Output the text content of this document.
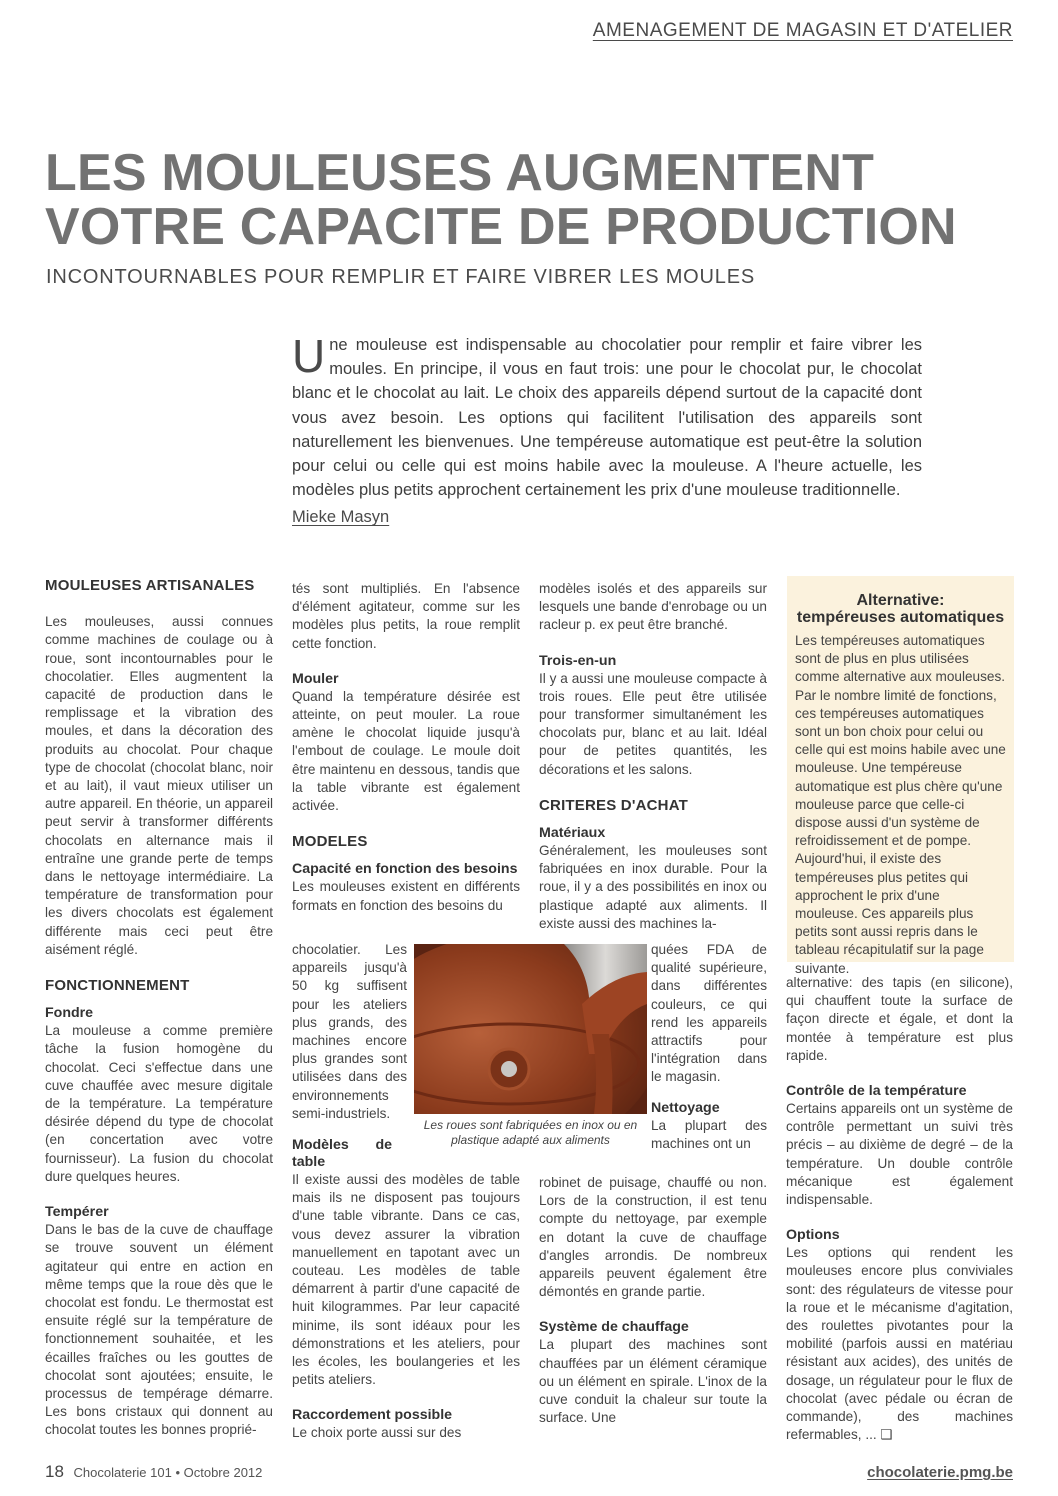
AMENAGEMENT DE MAGASIN ET D'ATELIER
LES MOULEUSES AUGMENTENT
VOTRE CAPACITE DE PRODUCTION
INCONTOURNABLES POUR REMPLIR ET FAIRE VIBRER LES MOULES
U ne mouleuse est indispensable au chocolatier pour remplir et faire vibrer les moules. En principe, il vous en faut trois: une pour le chocolat pur, le chocolat blanc et le chocolat au lait. Le choix des appareils dépend surtout de la capacité dont vous avez besoin. Les options qui facilitent l'utilisation des appareils sont naturellement les bienvenues. Une tempéreuse automatique est peut-être la solution pour celui ou celle qui est moins habile avec la mouleuse. A l'heure actuelle, les modèles plus petits approchent certainement les prix d'une mouleuse traditionnelle.
Mieke Masyn
MOULEUSES ARTISANALES

Les mouleuses, aussi connues comme machines de coulage ou à roue, sont incontournables pour le chocolatier. Elles augmentent la capacité de production dans le remplissage et la vibration des moules, et dans la décoration des produits au chocolat. Pour chaque type de chocolat (chocolat blanc, noir et au lait), il vaut mieux utiliser un autre appareil. En théorie, un appareil peut servir à transformer différents chocolats en alternance mais il entraîne une grande perte de temps dans le nettoyage intermédiaire. La température de transformation pour les divers chocolats est également différente mais ceci peut être aisément réglé.

FONCTIONNEMENT
Fondre

La mouleuse a comme première tâche la fusion homogène du chocolat. Ceci s'effectue dans une cuve chauffée avec mesure digitale de la température. La température désirée dépend du type de chocolat (en concertation avec votre fournisseur). La fusion du chocolat dure quelques heures.

Tempérer

Dans le bas de la cuve de chauffage se trouve souvent un élément agitateur qui entre en action en même temps que la roue dès que le chocolat est fondu. Le thermostat est ensuite réglé sur la température de fonctionnement souhaitée, et les écailles fraîches ou les gouttes de chocolat sont ajoutées; ensuite, le processus de tempérage démarre. Les bons cristaux qui donnent au chocolat toutes les bonnes proprié-

tés sont multipliés. En l'absence d'élément agitateur, comme sur les modèles plus petits, la roue remplit cette fonction.

Mouler

Quand la température désirée est atteinte, on peut mouler. La roue amène le chocolat liquide jusqu'à l'embout de coulage. Le moule doit être maintenu en dessous, tandis que la table vibrante est également activée.

MODELES
Capacité en fonction des besoins

Les mouleuses existent en différents formats en fonction des besoins du

chocolatier. Les appareils jusqu'à 50 kg suffisent pour les ateliers plus grands, des machines encore plus grandes sont utilisées dans des environnements semi-industriels.
Modèles de table

Il existe aussi des modèles de table mais ils ne disposent pas toujours d'une table vibrante. Dans ce cas, vous devez assurer la vibration manuellement en tapotant avec un couteau. Les modèles de table démarrent à partir d'une capacité de huit kilogrammes. Par leur capacité minime, ils sont idéaux pour les démonstrations et les ateliers, pour les écoles, les boulangeries et les petits ateliers.

Raccordement possible

Le choix porte aussi sur des

modèles isolés et des appareils sur lesquels une bande d'enrobage ou un racleur p. ex peut être branché.

Trois-en-un

Il y a aussi une mouleuse compacte à trois roues. Elle peut être utilisée pour transformer simultanément les chocolats pur, blanc et au lait. Idéal pour de petites quantités, les décorations et les salons.

CRITERES D'ACHAT
Matériaux

Généralement, les mouleuses sont fabriquées en inox durable. Pour la roue, il y a des possibilités en inox ou plastique adapté aux aliments. Il existe aussi des machines la-

quées FDA de qualité supérieure, dans différentes couleurs, ce qui rend les appareils attractifs pour l'intégration dans le magasin.
Nettoyage
La plupart des machines ont un

robinet de puisage, chauffé ou non. Lors de la construction, il est tenu compte du nettoyage, par exemple en dotant la cuve de chauffage d'angles arrondis. De nombreux appareils peuvent également être démontés en grande partie.

Système de chauffage

La plupart des machines sont chauffées par un élément céramique ou un élément en spirale. L'inox de la cuve conduit la chaleur sur toute la surface. Une

Les roues sont fabriquées en inox ou en plastique adapté aux aliments
Alternative:
tempéreuses automatiques

Les tempéreuses automatiques sont de plus en plus utilisées comme alternative aux mouleuses. Par le nombre limité de fonctions, ces tempéreuses automatiques sont un bon choix pour celui ou celle qui est moins habile avec une mouleuse. Une tempéreuse automatique est plus chère qu'une mouleuse parce que celle-ci dispose aussi d'un système de refroidissement et de pompe. Aujourd'hui, il existe des tempéreuses plus petites qui approchent le prix d'une mouleuse. Ces appareils plus petits sont aussi repris dans le tableau récapitulatif sur la page suivante.

alternative: des tapis (en silicone), qui chauffent toute la surface de façon directe et égale, et dont la montée à température est plus rapide.

Contrôle de la température

Certains appareils ont un système de contrôle permettant un suivi très précis – au dixième de degré – de la température. Un double contrôle mécanique est également indispensable.

Options

Les options qui rendent les mouleuses encore plus conviviales sont: des régulateurs de vitesse pour la roue et le mécanisme d'agitation, des roulettes pivotantes pour la mobilité (parfois aussi en matériau résistant aux acides), des unités de dosage, un régulateur pour le flux de chocolat (avec pédale ou écran de commande), des machines refermables, ... ❑

18 Chocolaterie 101 • Octobre 2012	chocolaterie.pmg.be
